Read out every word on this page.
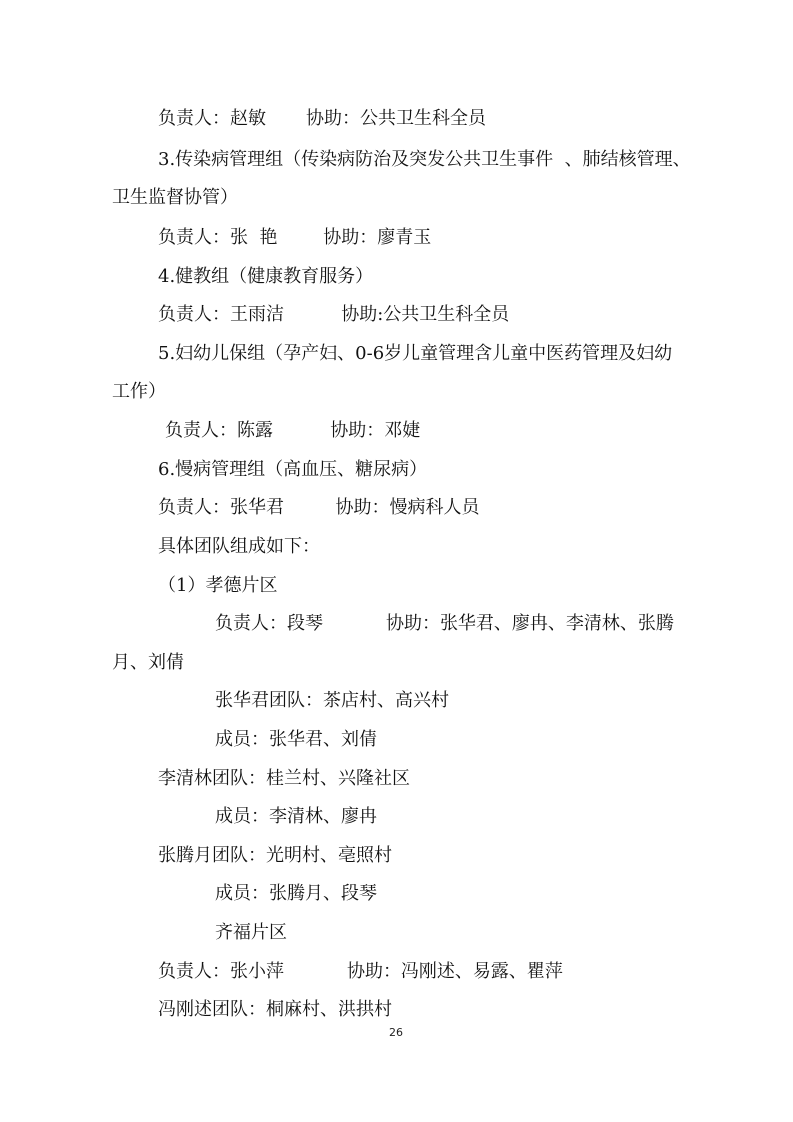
负责人：赵敏       协助：公共卫生科全员
3.传染病管理组（传染病防治及突发公共卫生事件  、肺结核管理、
卫生监督协管）
负责人：张  艳        协助：廖青玉
4.健教组（健康教育服务）
负责人：王雨洁          协助:公共卫生科全员
5.妇幼儿保组（孕产妇、0-6岁儿童管理含儿童中医药管理及妇幼
工作）
负责人：陈露          协助：邓婕
6.慢病管理组（高血压、糖尿病）
负责人：张华君         协助：慢病科人员
具体团队组成如下：
（1）孝德片区
负责人：段琴           协助：张华君、廖冉、李清林、张腾
月、刘倩
张华君团队：茶店村、高兴村
成员：张华君、刘倩
李清林团队：桂兰村、兴隆社区
成员：李清林、廖冉
张腾月团队：光明村、亳照村
成员：张腾月、段琴
齐福片区
负责人：张小萍           协助：冯刚述、易露、瞿萍
冯刚述团队：桐麻村、洪拱村
26
